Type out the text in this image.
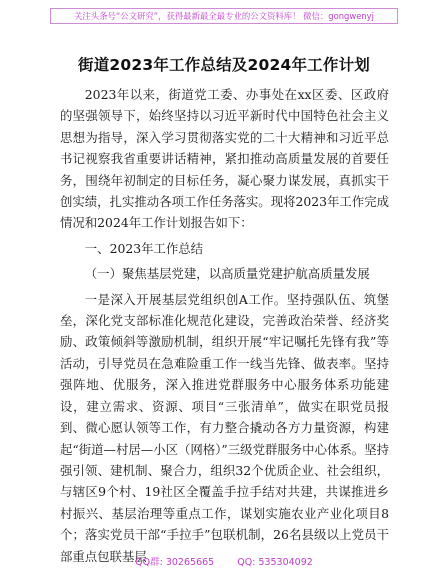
关注头条号“公文研究”，获得最新最全最专业的公文资料库！ 微信：gongwenyj
街道2023年工作总结及2024年工作计划

2023年以来，街道党工委、办事处在xx区委、区政府的坚强领导下，始终坚持以习近平新时代中国特色社会主义思想为指导，深入学习贯彻落实党的二十大精神和习近平总书记视察我省重要讲话精神，紧扣推动高质量发展的首要任务，围绕年初制定的目标任务，凝心聚力谋发展，真抓实干创实绩，扎实推动各项工作任务落实。现将2023年工作完成情况和2024年工作计划报告如下：

一、2023年工作总结

（一）聚焦基层党建，以高质量党建护航高质量发展

一是深入开展基层党组织创A工作。坚持强队伍、筑堡垒，深化党支部标准化规范化建设，完善政治荣誉、经济奖励、政策倾斜等激励机制，组织开展“牢记嘱托先锋有我”等活动，引导党员在急难险重工作一线当先锋、做表率。坚持强阵地、优服务，深入推进党群服务中心服务体系功能建设，建立需求、资源、项目“三张清单”，做实在职党员报到、微心愿认领等工作，有力整合撬动各方力量资源，构建起“街道—村居—小区（网格）”三级党群服务中心体系。坚持强引领、建机制、聚合力，组织32个优质企业、社会组织，与辖区9个村、19社区全覆盖手拉手结对共建，共谋推进乡村振兴、基层治理等重点工作，谋划实施农业产业化项目8个；落实党员干部“手拉手”包联机制，26名县级以上党员干部重点包联基层

QQ群: 30265665 QQ: 535304092
